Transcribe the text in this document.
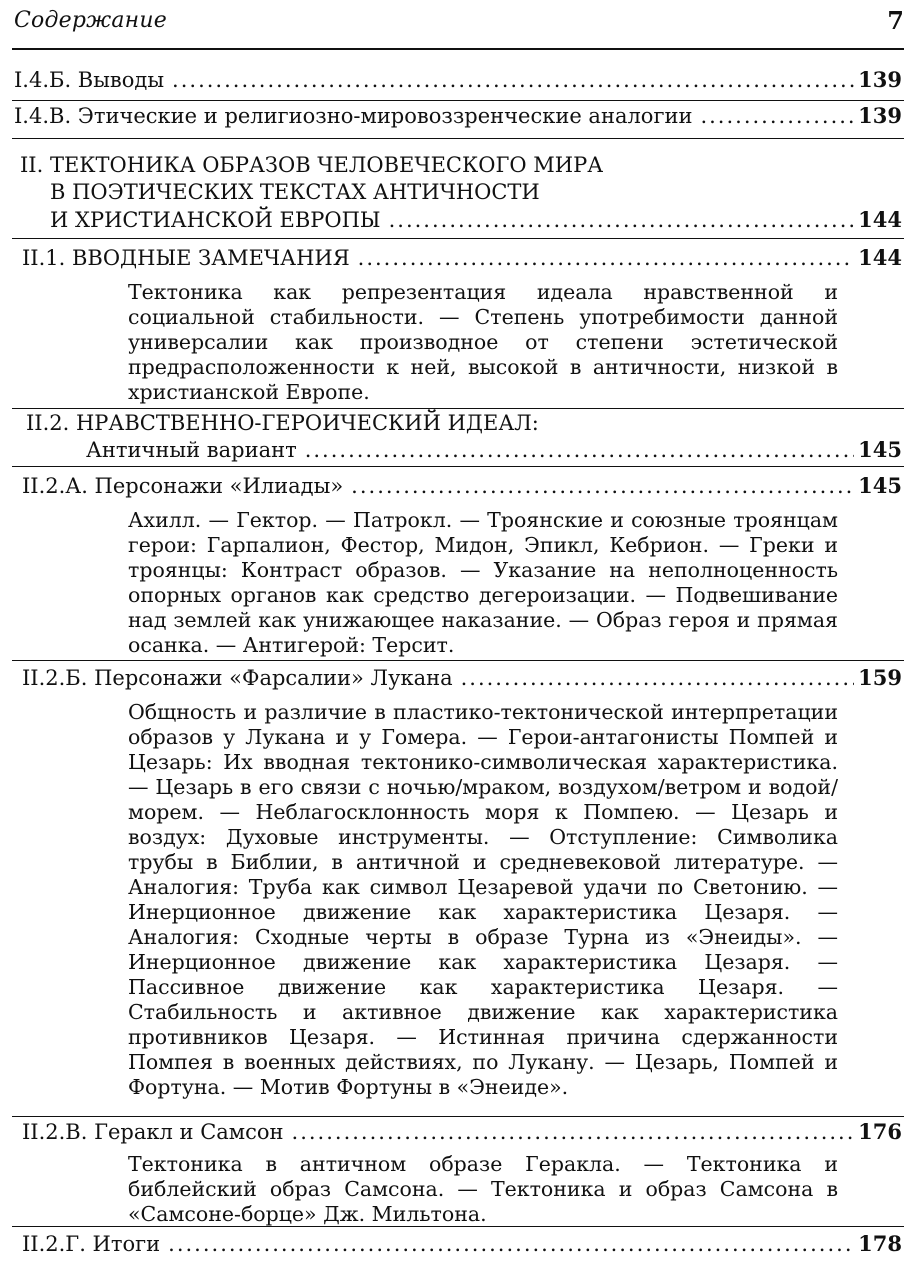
Содержание	7
I.4.Б. Выводы .....	139
I.4.В. Этические и религиозно-мировоззренческие аналогии .....	139
II. ТЕКТОНИКА ОБРАЗОВ ЧЕЛОВЕЧЕСКОГО МИРА
В ПОЭТИЧЕСКИХ ТЕКСТАХ АНТИЧНОСТИ
И ХРИСТИАНСКОЙ ЕВРОПЫ .....	144
II.1. ВВОДНЫЕ ЗАМЕЧАНИЯ .....	144

Тектоника как репрезентация идеала нравственной и социальной стабильности. — Степень употребимости данной универсалии как производное от степени эстетической предрасположенности к ней, высокой в античности, низкой в христианской Европе.

II.2. НРАВСТВЕННО-ГЕРОИЧЕСКИЙ ИДЕАЛ:
Античный вариант .....	145
II.2.А. Персонажи «Илиады» .....	145

Ахилл. — Гектор. — Патрокл. — Троянские и союзные троянцам герои: Гарпалион, Фестор, Мидон, Эпикл, Кебрион. — Греки и троянцы: Контраст образов. — Указание на неполноценность опорных органов как средство дегероизации. — Подвешивание над землей как унижающее наказание. — Образ героя и прямая осанка. — Антигерой: Терсит.

II.2.Б. Персонажи «Фарсалии» Лукана .....	159

Общность и различие в пластико-тектонической интерпретации образов у Лукана и у Гомера. — Герои-антагонисты Помпей и Цезарь: Их вводная тектонико-символическая характеристика. — Цезарь в его связи с ночью/мраком, воздухом/ветром и водой/морем. — Неблагосклонность моря к Помпею. — Цезарь и воздух: Духовые инструменты. — Отступление: Символика трубы в Библии, в античной и средневековой литературе. — Аналогия: Труба как символ Цезаревой удачи по Светонию. — Инерционное движение как характеристика Цезаря. — Аналогия: Сходные черты в образе Турна из «Энеиды». — Инерционное движение как характеристика Цезаря. — Пассивное движение как характеристика Цезаря. — Стабильность и активное движение как характеристика противников Цезаря. — Истинная причина сдержанности Помпея в военных действиях, по Лукану. — Цезарь, Помпей и Фортуна. — Мотив Фортуны в «Энеиде».

II.2.В. Геракл и Самсон .....	176

Тектоника в античном образе Геракла. — Тектоника и библейский образ Самсона. — Тектоника и образ Самсона в «Самсоне-борце» Дж. Мильтона.

II.2.Г. Итоги .....	178
